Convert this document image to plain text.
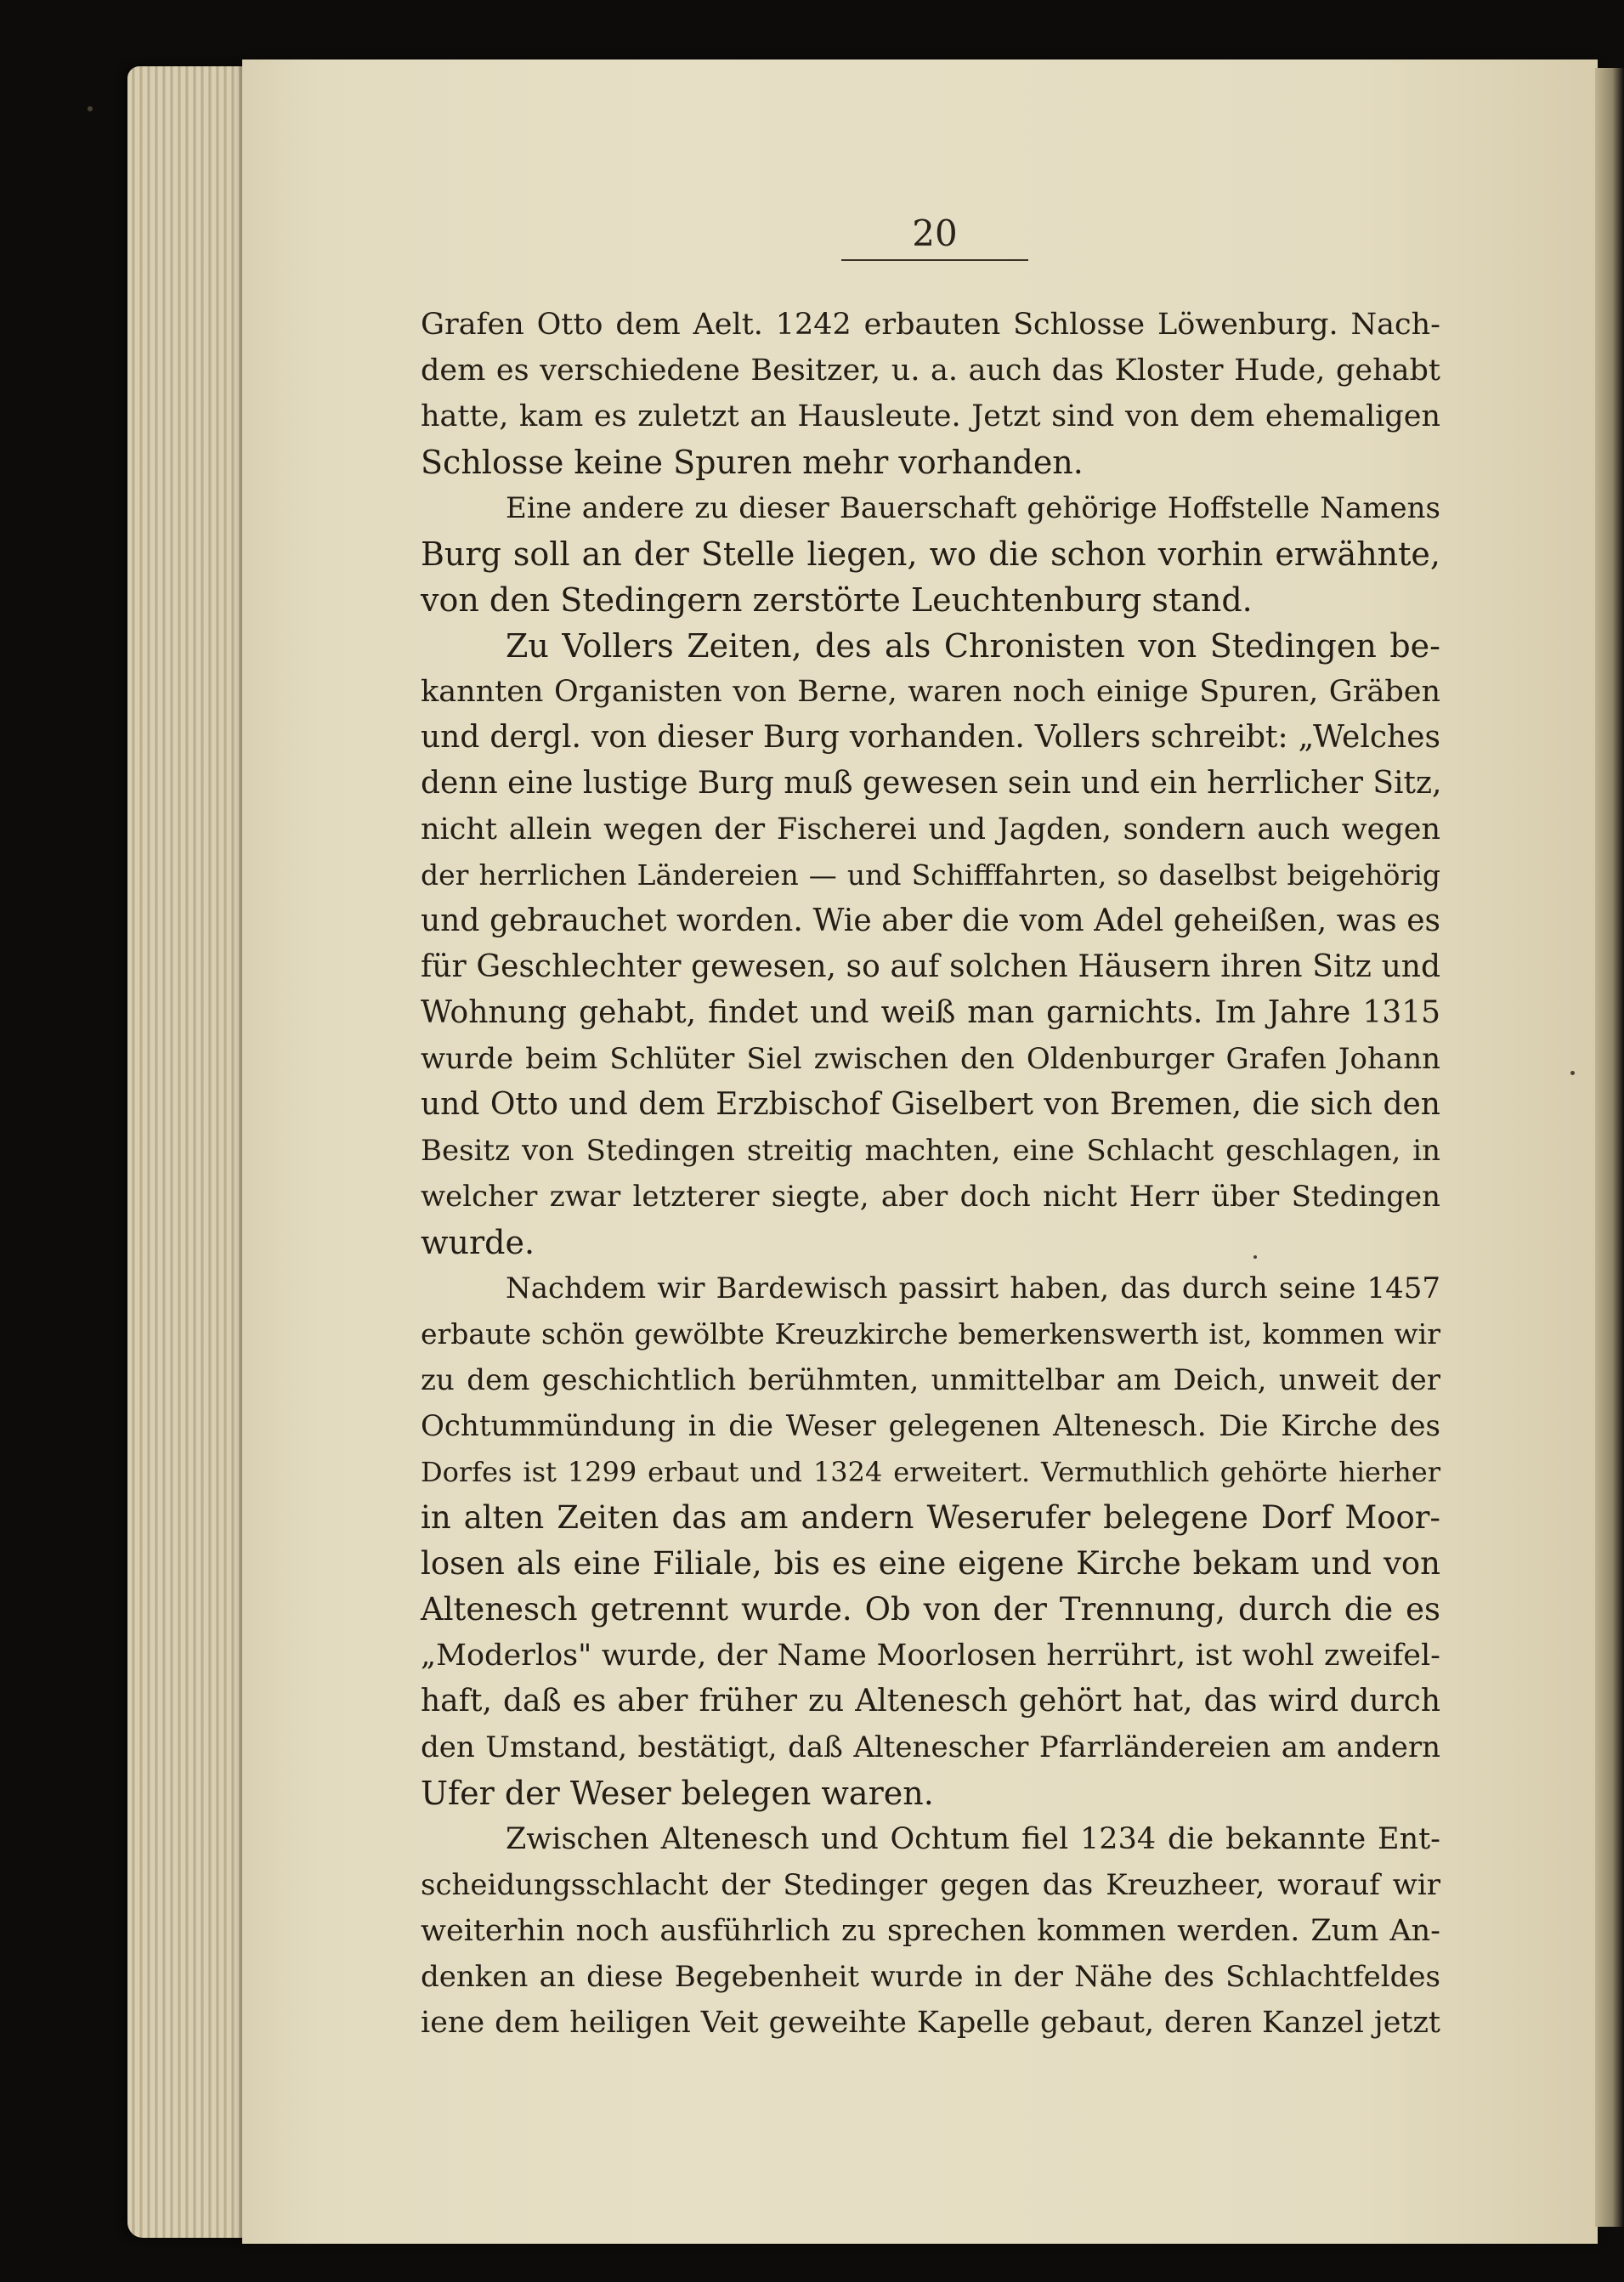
20
Grafen Otto dem Aelt. 1242 erbauten Schlosse Löwenburg. Nach-
dem es verschiedene Besitzer, u. a. auch das Kloster Hude, gehabt
hatte, kam es zuletzt an Hausleute. Jetzt sind von dem ehemaligen
Schlosse keine Spuren mehr vorhanden.
Eine andere zu dieser Bauerschaft gehörige Hoffstelle Namens
Burg soll an der Stelle liegen, wo die schon vorhin erwähnte,
von den Stedingern zerstörte Leuchtenburg stand.
Zu Vollers Zeiten, des als Chronisten von Stedingen be-
kannten Organisten von Berne, waren noch einige Spuren, Gräben
und dergl. von dieser Burg vorhanden. Vollers schreibt: „Welches
denn eine lustige Burg muß gewesen sein und ein herrlicher Sitz,
nicht allein wegen der Fischerei und Jagden, sondern auch wegen
der herrlichen Ländereien — und Schifffahrten, so daselbst beigehörig
und gebrauchet worden. Wie aber die vom Adel geheißen, was es
für Geschlechter gewesen, so auf solchen Häusern ihren Sitz und
Wohnung gehabt, findet und weiß man garnichts. Im Jahre 1315
wurde beim Schlüter Siel zwischen den Oldenburger Grafen Johann
und Otto und dem Erzbischof Giselbert von Bremen, die sich den
Besitz von Stedingen streitig machten, eine Schlacht geschlagen, in
welcher zwar letzterer siegte, aber doch nicht Herr über Stedingen
wurde.
Nachdem wir Bardewisch passirt haben, das durch seine 1457
erbaute schön gewölbte Kreuzkirche bemerkenswerth ist, kommen wir
zu dem geschichtlich berühmten, unmittelbar am Deich, unweit der
Ochtummündung in die Weser gelegenen Altenesch. Die Kirche des
Dorfes ist 1299 erbaut und 1324 erweitert. Vermuthlich gehörte hierher
in alten Zeiten das am andern Weserufer belegene Dorf Moor-
losen als eine Filiale, bis es eine eigene Kirche bekam und von
Altenesch getrennt wurde. Ob von der Trennung, durch die es
„Moderlos" wurde, der Name Moorlosen herrührt, ist wohl zweifel-
haft, daß es aber früher zu Altenesch gehört hat, das wird durch
den Umstand, bestätigt, daß Altenescher Pfarrländereien am andern
Ufer der Weser belegen waren.
Zwischen Altenesch und Ochtum fiel 1234 die bekannte Ent-
scheidungsschlacht der Stedinger gegen das Kreuzheer, worauf wir
weiterhin noch ausführlich zu sprechen kommen werden. Zum An-
denken an diese Begebenheit wurde in der Nähe des Schlachtfeldes
iene dem heiligen Veit geweihte Kapelle gebaut, deren Kanzel jetzt
